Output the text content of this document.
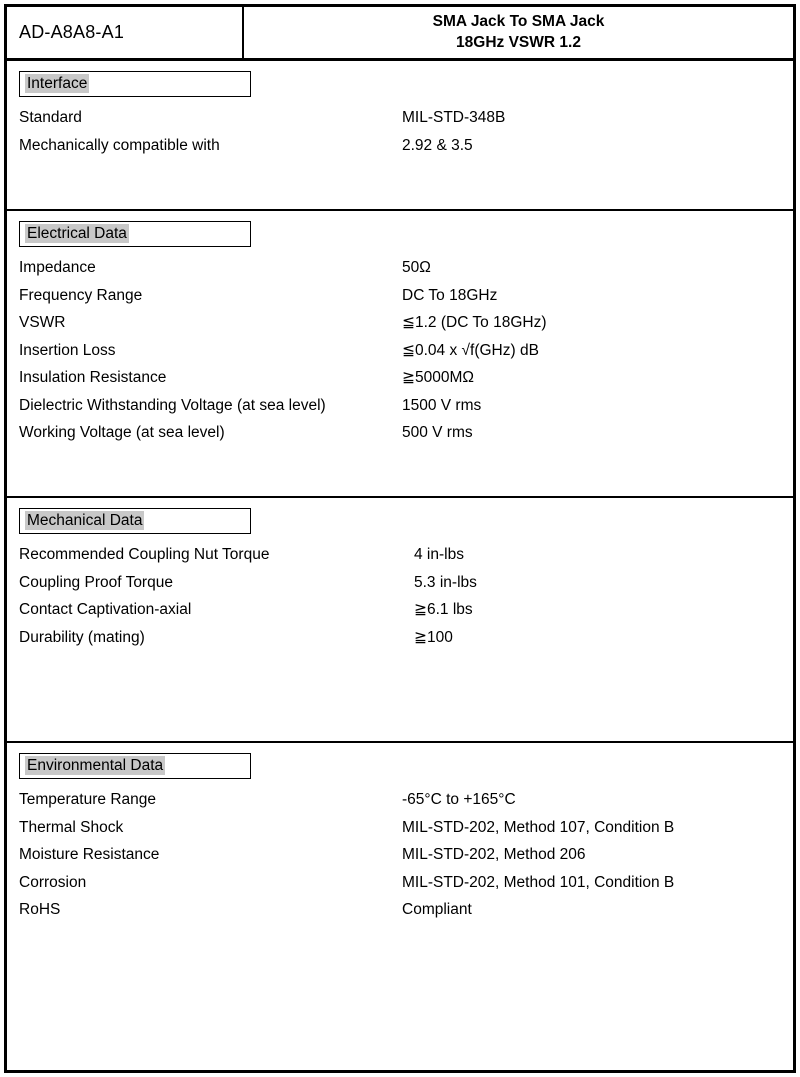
AD-A8A8-A1
SMA Jack To SMA Jack
18GHz VSWR 1.2
Interface
Standard	MIL-STD-348B
Mechanically compatible with	2.92 & 3.5
Electrical Data
Impedance	50Ω
Frequency Range	DC To 18GHz
VSWR	≦1.2 (DC To 18GHz)
Insertion Loss	≦0.04 x √f(GHz) dB
Insulation Resistance	≧5000MΩ
Dielectric Withstanding Voltage (at sea level)	1500 V rms
Working Voltage (at sea level)	500 V rms
Mechanical Data
Recommended Coupling Nut Torque	4 in-lbs
Coupling Proof Torque	5.3 in-lbs
Contact Captivation-axial	≧6.1 lbs
Durability (mating)	≧100
Environmental Data
Temperature Range	-65°C to +165°C
Thermal Shock	MIL-STD-202, Method 107, Condition B
Moisture Resistance	MIL-STD-202, Method 206
Corrosion	MIL-STD-202, Method 101, Condition B
RoHS	Compliant
